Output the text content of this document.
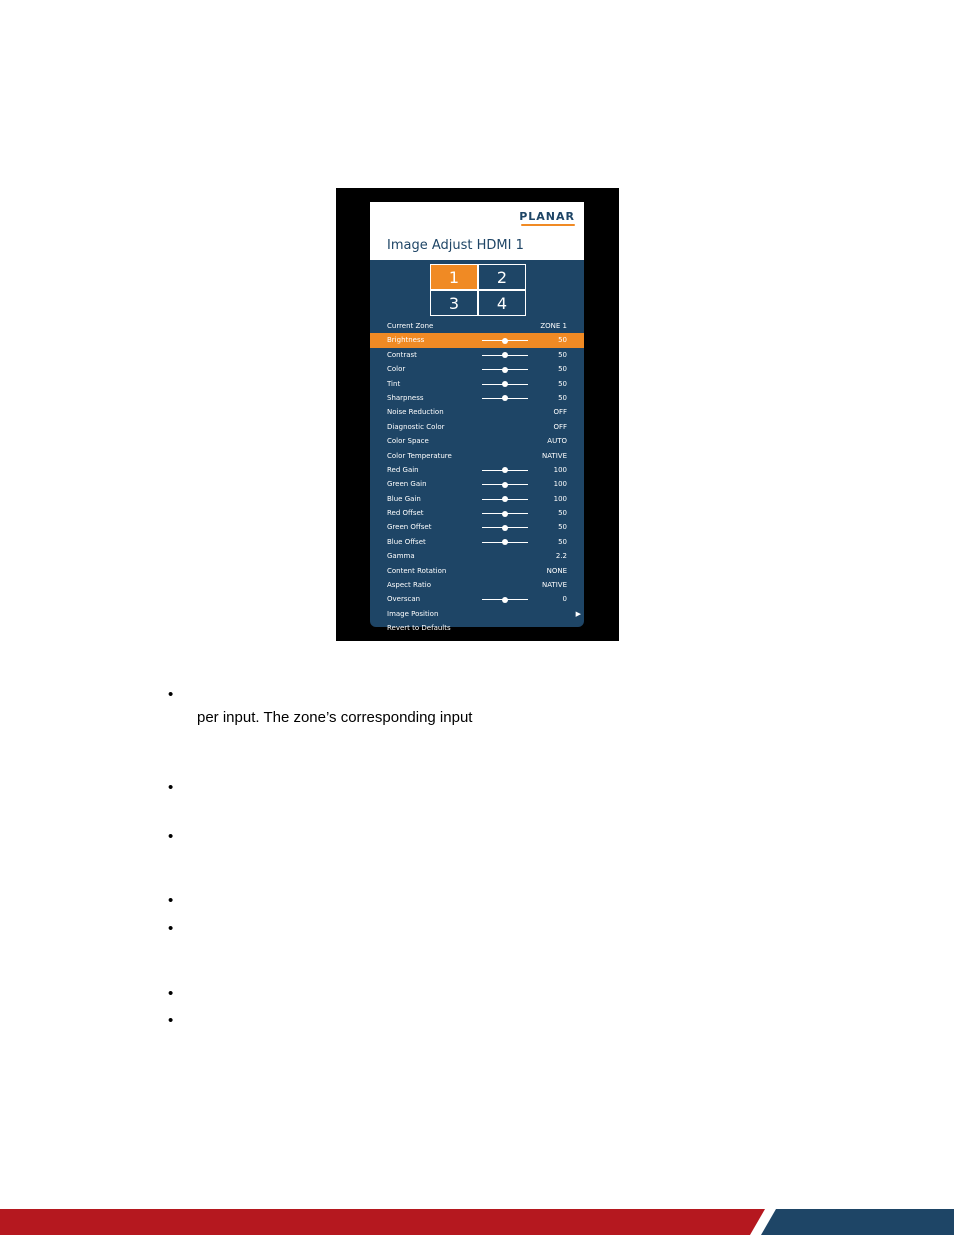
PLANAR
Image Adjust HDMI 1
1	2
3	4
Current Zone	ZONE 1
Brightness	50
Contrast	50
Color	50
Tint	50
Sharpness	50
Noise Reduction	OFF
Diagnostic Color	OFF
Color Space	AUTO
Color Temperature	NATIVE
Red Gain	100
Green Gain	100
Blue Gain	100
Red Offset	50
Green Offset	50
Blue Offset	50
Gamma	2.2
Content Rotation	NONE
Aspect Ratio	NATIVE
Overscan	0
Image Position	▶
Revert to Defaults
•
per input. The zone’s corresponding input
•
•
•
•
•
•
